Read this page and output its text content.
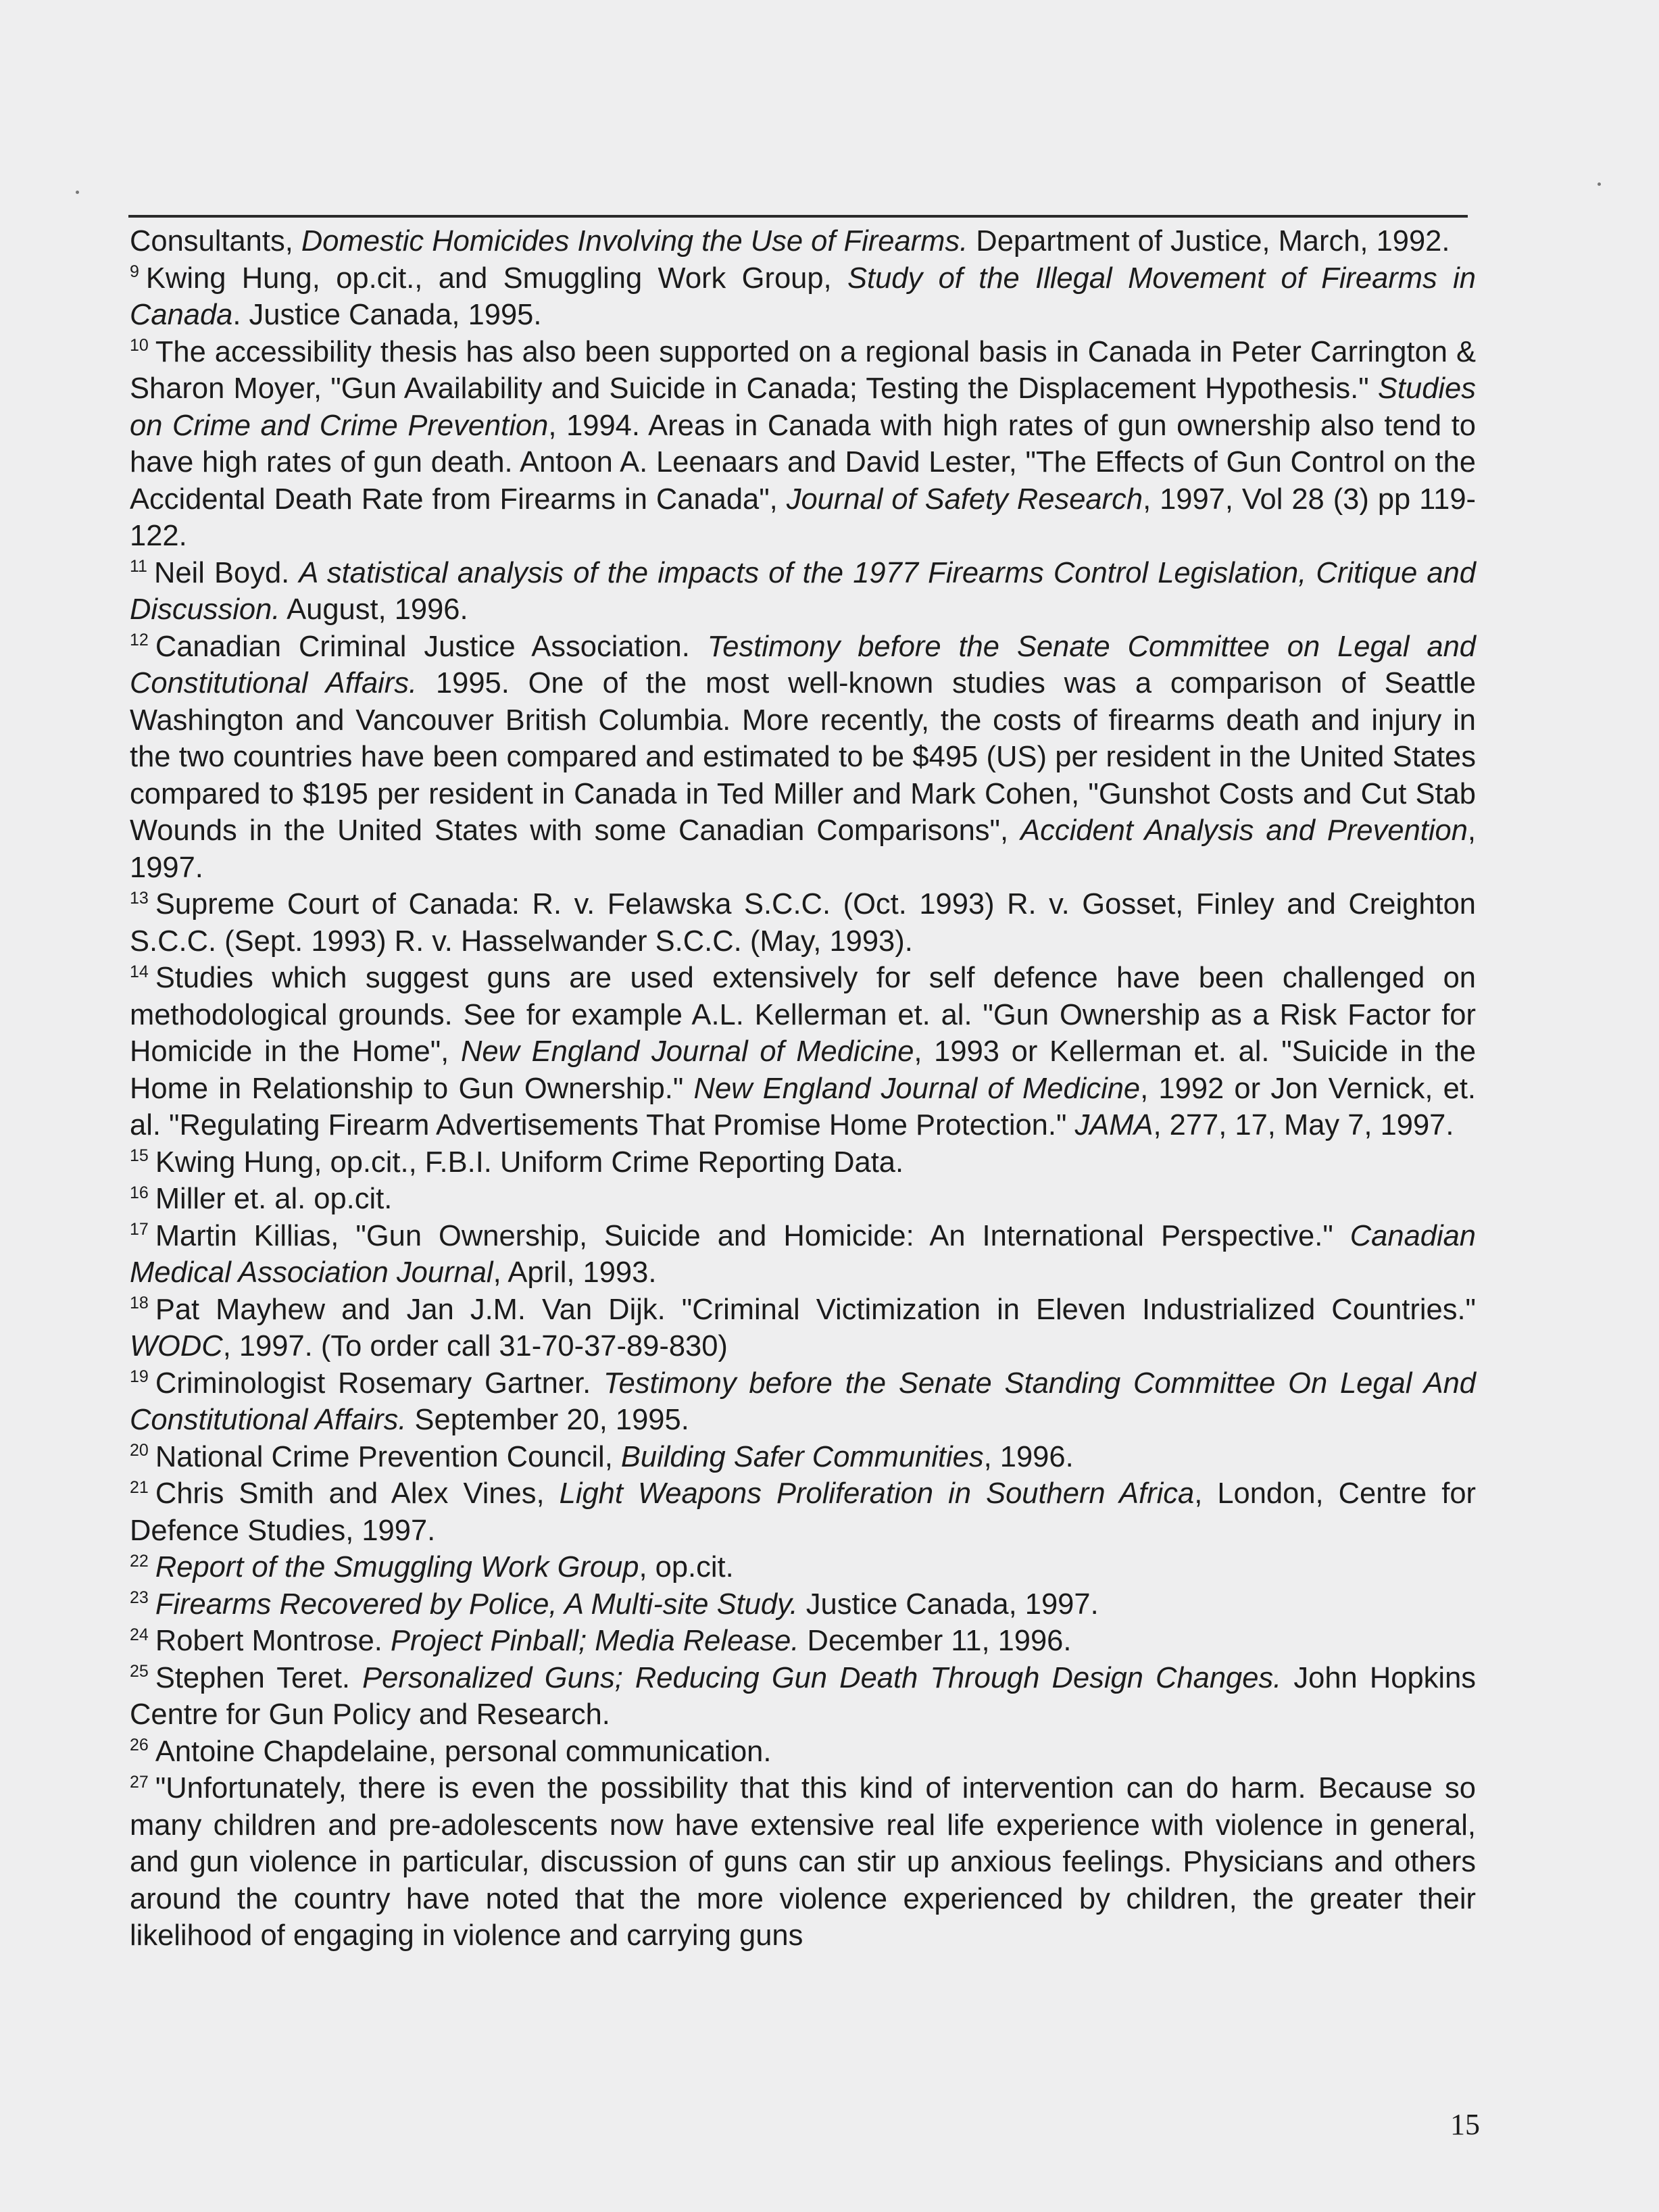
Consultants, Domestic Homicides Involving the Use of Firearms. Department of Justice, March, 1992.

$^9$ Kwing Hung, op.cit., and Smuggling Work Group, Study of the Illegal Movement of Firearms in Canada. Justice Canada, 1995.

$^{10}$ The accessibility thesis has also been supported on a regional basis in Canada in Peter Carrington & Sharon Moyer, "Gun Availability and Suicide in Canada; Testing the Displacement Hypothesis." Studies on Crime and Crime Prevention, 1994. Areas in Canada with high rates of gun ownership also tend to have high rates of gun death. Antoon A. Leenaars and David Lester, "The Effects of Gun Control on the Accidental Death Rate from Firearms in Canada", Journal of Safety Research, 1997, Vol 28 (3) pp 119-122.

$^{11}$ Neil Boyd. A statistical analysis of the impacts of the 1977 Firearms Control Legislation, Critique and Discussion. August, 1996.

$^{12}$ Canadian Criminal Justice Association. Testimony before the Senate Committee on Legal and Constitutional Affairs. 1995. One of the most well-known studies was a comparison of Seattle Washington and Vancouver British Columbia. More recently, the costs of firearms death and injury in the two countries have been compared and estimated to be $495 (US) per resident in the United States compared to $195 per resident in Canada in Ted Miller and Mark Cohen, "Gunshot Costs and Cut Stab Wounds in the United States with some Canadian Comparisons", Accident Analysis and Prevention, 1997.

$^{13}$ Supreme Court of Canada: R. v. Felawska S.C.C. (Oct. 1993) R. v. Gosset, Finley and Creighton S.C.C. (Sept. 1993) R. v. Hasselwander S.C.C. (May, 1993).

$^{14}$ Studies which suggest guns are used extensively for self defence have been challenged on methodological grounds. See for example A.L. Kellerman et. al. "Gun Ownership as a Risk Factor for Homicide in the Home", New England Journal of Medicine, 1993 or Kellerman et. al. "Suicide in the Home in Relationship to Gun Ownership." New England Journal of Medicine, 1992 or Jon Vernick, et. al. "Regulating Firearm Advertisements That Promise Home Protection." JAMA, 277, 17, May 7, 1997.

$^{15}$ Kwing Hung, op.cit., F.B.I. Uniform Crime Reporting Data.

$^{16}$ Miller et. al. op.cit.

$^{17}$ Martin Killias, "Gun Ownership, Suicide and Homicide: An International Perspective." Canadian Medical Association Journal, April, 1993.

$^{18}$ Pat Mayhew and Jan J.M. Van Dijk. "Criminal Victimization in Eleven Industrialized Countries." WODC, 1997. (To order call 31-70-37-89-830)

$^{19}$ Criminologist Rosemary Gartner. Testimony before the Senate Standing Committee On Legal And Constitutional Affairs. September 20, 1995.

$^{20}$ National Crime Prevention Council, Building Safer Communities, 1996.

$^{21}$ Chris Smith and Alex Vines, Light Weapons Proliferation in Southern Africa, London, Centre for Defence Studies, 1997.

$^{22}$ Report of the Smuggling Work Group, op.cit.

$^{23}$ Firearms Recovered by Police, A Multi-site Study. Justice Canada, 1997.

$^{24}$ Robert Montrose. Project Pinball; Media Release. December 11, 1996.

$^{25}$ Stephen Teret. Personalized Guns; Reducing Gun Death Through Design Changes. John Hopkins Centre for Gun Policy and Research.

$^{26}$ Antoine Chapdelaine, personal communication.

$^{27}$ "Unfortunately, there is even the possibility that this kind of intervention can do harm. Because so many children and pre-adolescents now have extensive real life experience with violence in general, and gun violence in particular, discussion of guns can stir up anxious feelings. Physicians and others around the country have noted that the more violence experienced by children, the greater their likelihood of engaging in violence and carrying guns

15
